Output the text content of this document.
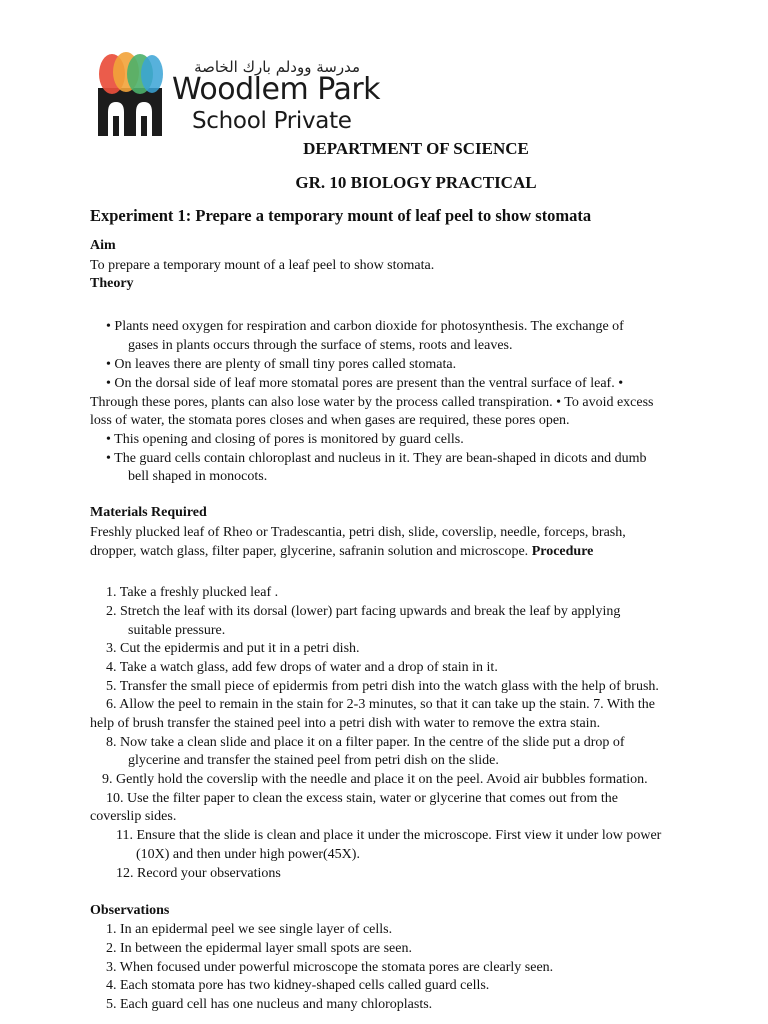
مدرسة وودلم بارك الخاصة
Woodlem Park
School Private
DEPARTMENT OF SCIENCE
GR. 10 BIOLOGY PRACTICAL
Experiment 1: Prepare a temporary mount of leaf peel to show stomata
Aim
To prepare a temporary mount of a leaf peel to show stomata.
Theory
• Plants need oxygen for respiration and carbon dioxide for photosynthesis. The exchange of
gases in plants occurs through the surface of stems, roots and leaves.
• On leaves there are plenty of small tiny pores called stomata.
• On the dorsal side of leaf more stomatal pores are present than the ventral surface of leaf. •
Through these pores, plants can also lose water by the process called transpiration. • To avoid excess
loss of water, the stomata pores closes and when gases are required, these pores open.
• This opening and closing of pores is monitored by guard cells.
• The guard cells contain chloroplast and nucleus in it. They are bean-shaped in dicots and dumb
bell shaped in monocots.
Materials Required
Freshly plucked leaf of Rheo or Tradescantia, petri dish, slide, coverslip, needle, forceps, brash,
dropper, watch glass, filter paper, glycerine, safranin solution and microscope. Procedure
1. Take a freshly plucked leaf .
2. Stretch the leaf with its dorsal (lower) part facing upwards and break the leaf by applying
suitable pressure.
3. Cut the epidermis and put it in a petri dish.
4. Take a watch glass, add few drops of water and a drop of stain in it.
5. Transfer the small piece of epidermis from petri dish into the watch glass with the help of brush.
6. Allow the peel to remain in the stain for 2-3 minutes, so that it can take up the stain. 7. With the
help of brush transfer the stained peel into a petri dish with water to remove the extra stain.
8. Now take a clean slide and place it on a filter paper. In the centre of the slide put a drop of
glycerine and transfer the stained peel from petri dish on the slide.
9. Gently hold the coverslip with the needle and place it on the peel. Avoid air bubbles formation.
10. Use the filter paper to clean the excess stain, water or glycerine that comes out from the
coverslip sides.
11. Ensure that the slide is clean and place it under the microscope. First view it under low power
(10X) and then under high power(45X).
12. Record your observations
Observations
1. In an epidermal peel we see single layer of cells.
2. In between the epidermal layer small spots are seen.
3. When focused under powerful microscope the stomata pores are clearly seen.
4. Each stomata pore has two kidney-shaped cells called guard cells.
5. Each guard cell has one nucleus and many chloroplasts.
